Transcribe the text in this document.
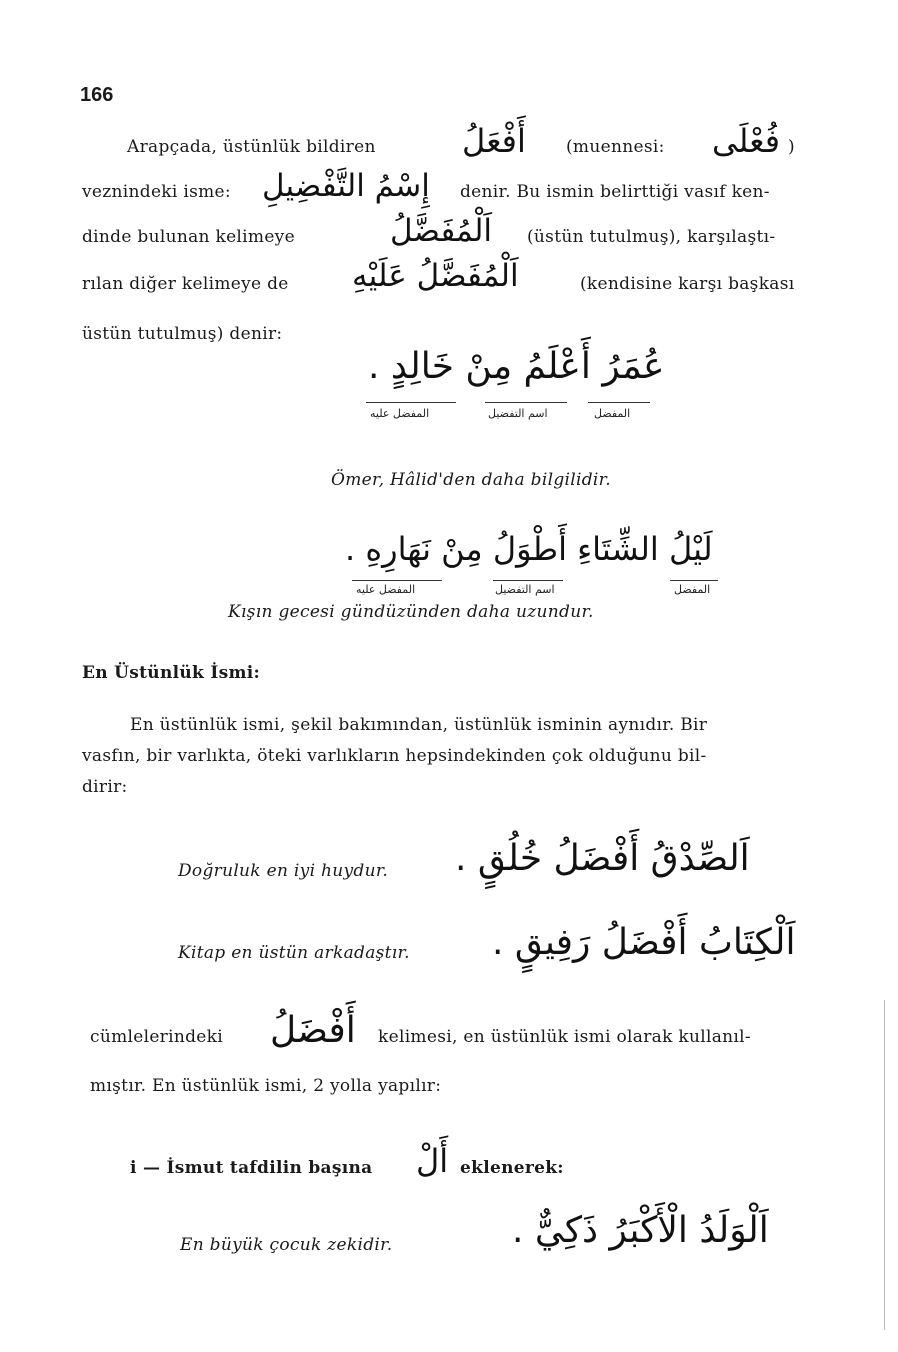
166
Arapçada, üstünlük bildiren	أَفْعَلُ (muennesi: فُعْلَى )
veznindeki isme: إِسْمُ التَّفْضِيلِ denir. Bu ismin belirttiği vasıf ken-
dinde bulunan kelimeye	اَلْمُفَضَّلُ (üstün tutulmuş), karşılaştı-
rılan diğer kelimeye de اَلْمُفَضَّلُ عَلَيْهِ	(kendisine karşı başkası
üstün tutulmuş) denir:
عُمَرُ أَعْلَمُ مِنْ خَالِدٍ .
المفضل عليه	اسم التفضيل	المفضل
Ömer, Hâlid'den daha bilgilidir.
لَيْلُ الشِّتَاءِ أَطْوَلُ مِنْ نَهَارِهِ .
المفضل عليه	اسم التفضيل	المفضل
Kışın gecesi gündüzünden daha uzundur.
En Üstünlük İsmi:
En üstünlük ismi, şekil bakımından, üstünlük isminin aynıdır. Bir
vasfın, bir varlıkta, öteki varlıkların hepsindekinden çok olduğunu bil-
dirir:
Doğruluk en iyi huydur. اَلصِّدْقُ أَفْضَلُ خُلُقٍ .
Kitap en üstün arkadaştır. اَلْكِتَابُ أَفْضَلُ رَفِيقٍ .
cümlelerindeki أَفْضَلُ kelimesi, en üstünlük ismi olarak kullanıl-
mıştır. En üstünlük ismi, 2 yolla yapılır:
i — İsmut tafdilin başına أَلْ eklenerek:
En büyük çocuk zekidir.	اَلْوَلَدُ الْأَكْبَرُ ذَكِيٌّ .
